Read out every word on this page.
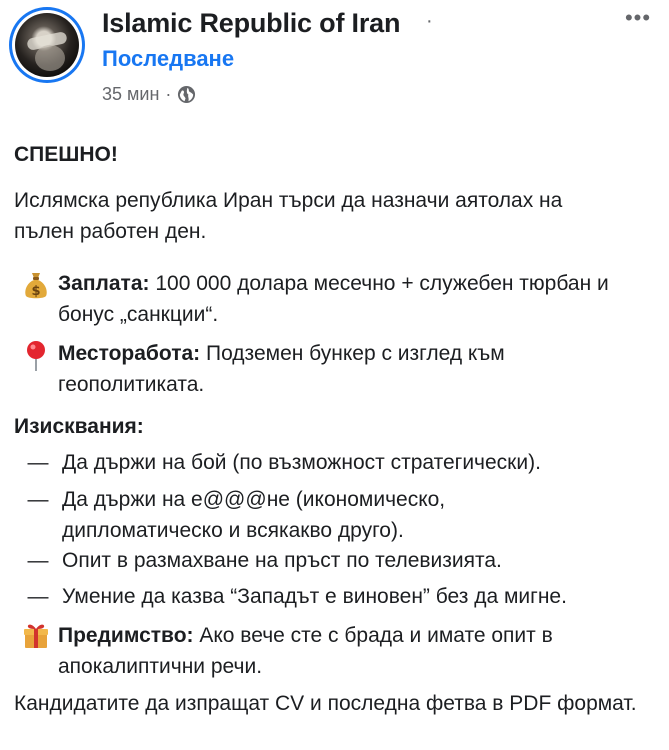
Islamic Republic of Iran ·
Последване
35 мин ·
•••
СПЕШНО!
Ислямска република Иран търси да назначи аятолах на пълен работен ден.
$ Заплата: 100 000 долара месечно + служебен тюрбан и бонус „санкции“.
Месторабота: Подземен бункер с изглед към геополитиката.
Изисквания:
— Да държи на бой (по възможност стратегически).
— Да държи на е@@@не (икономическо, дипломатическо и всякакво друго).
— Опит в размахване на пръст по телевизията.
— Умение да казва “Западът е виновен” без да мигне.
Предимство: Ако вече сте с брада и имате опит в апокалиптични речи.
Кандидатите да изпращат CV и последна фетва в PDF формат.
